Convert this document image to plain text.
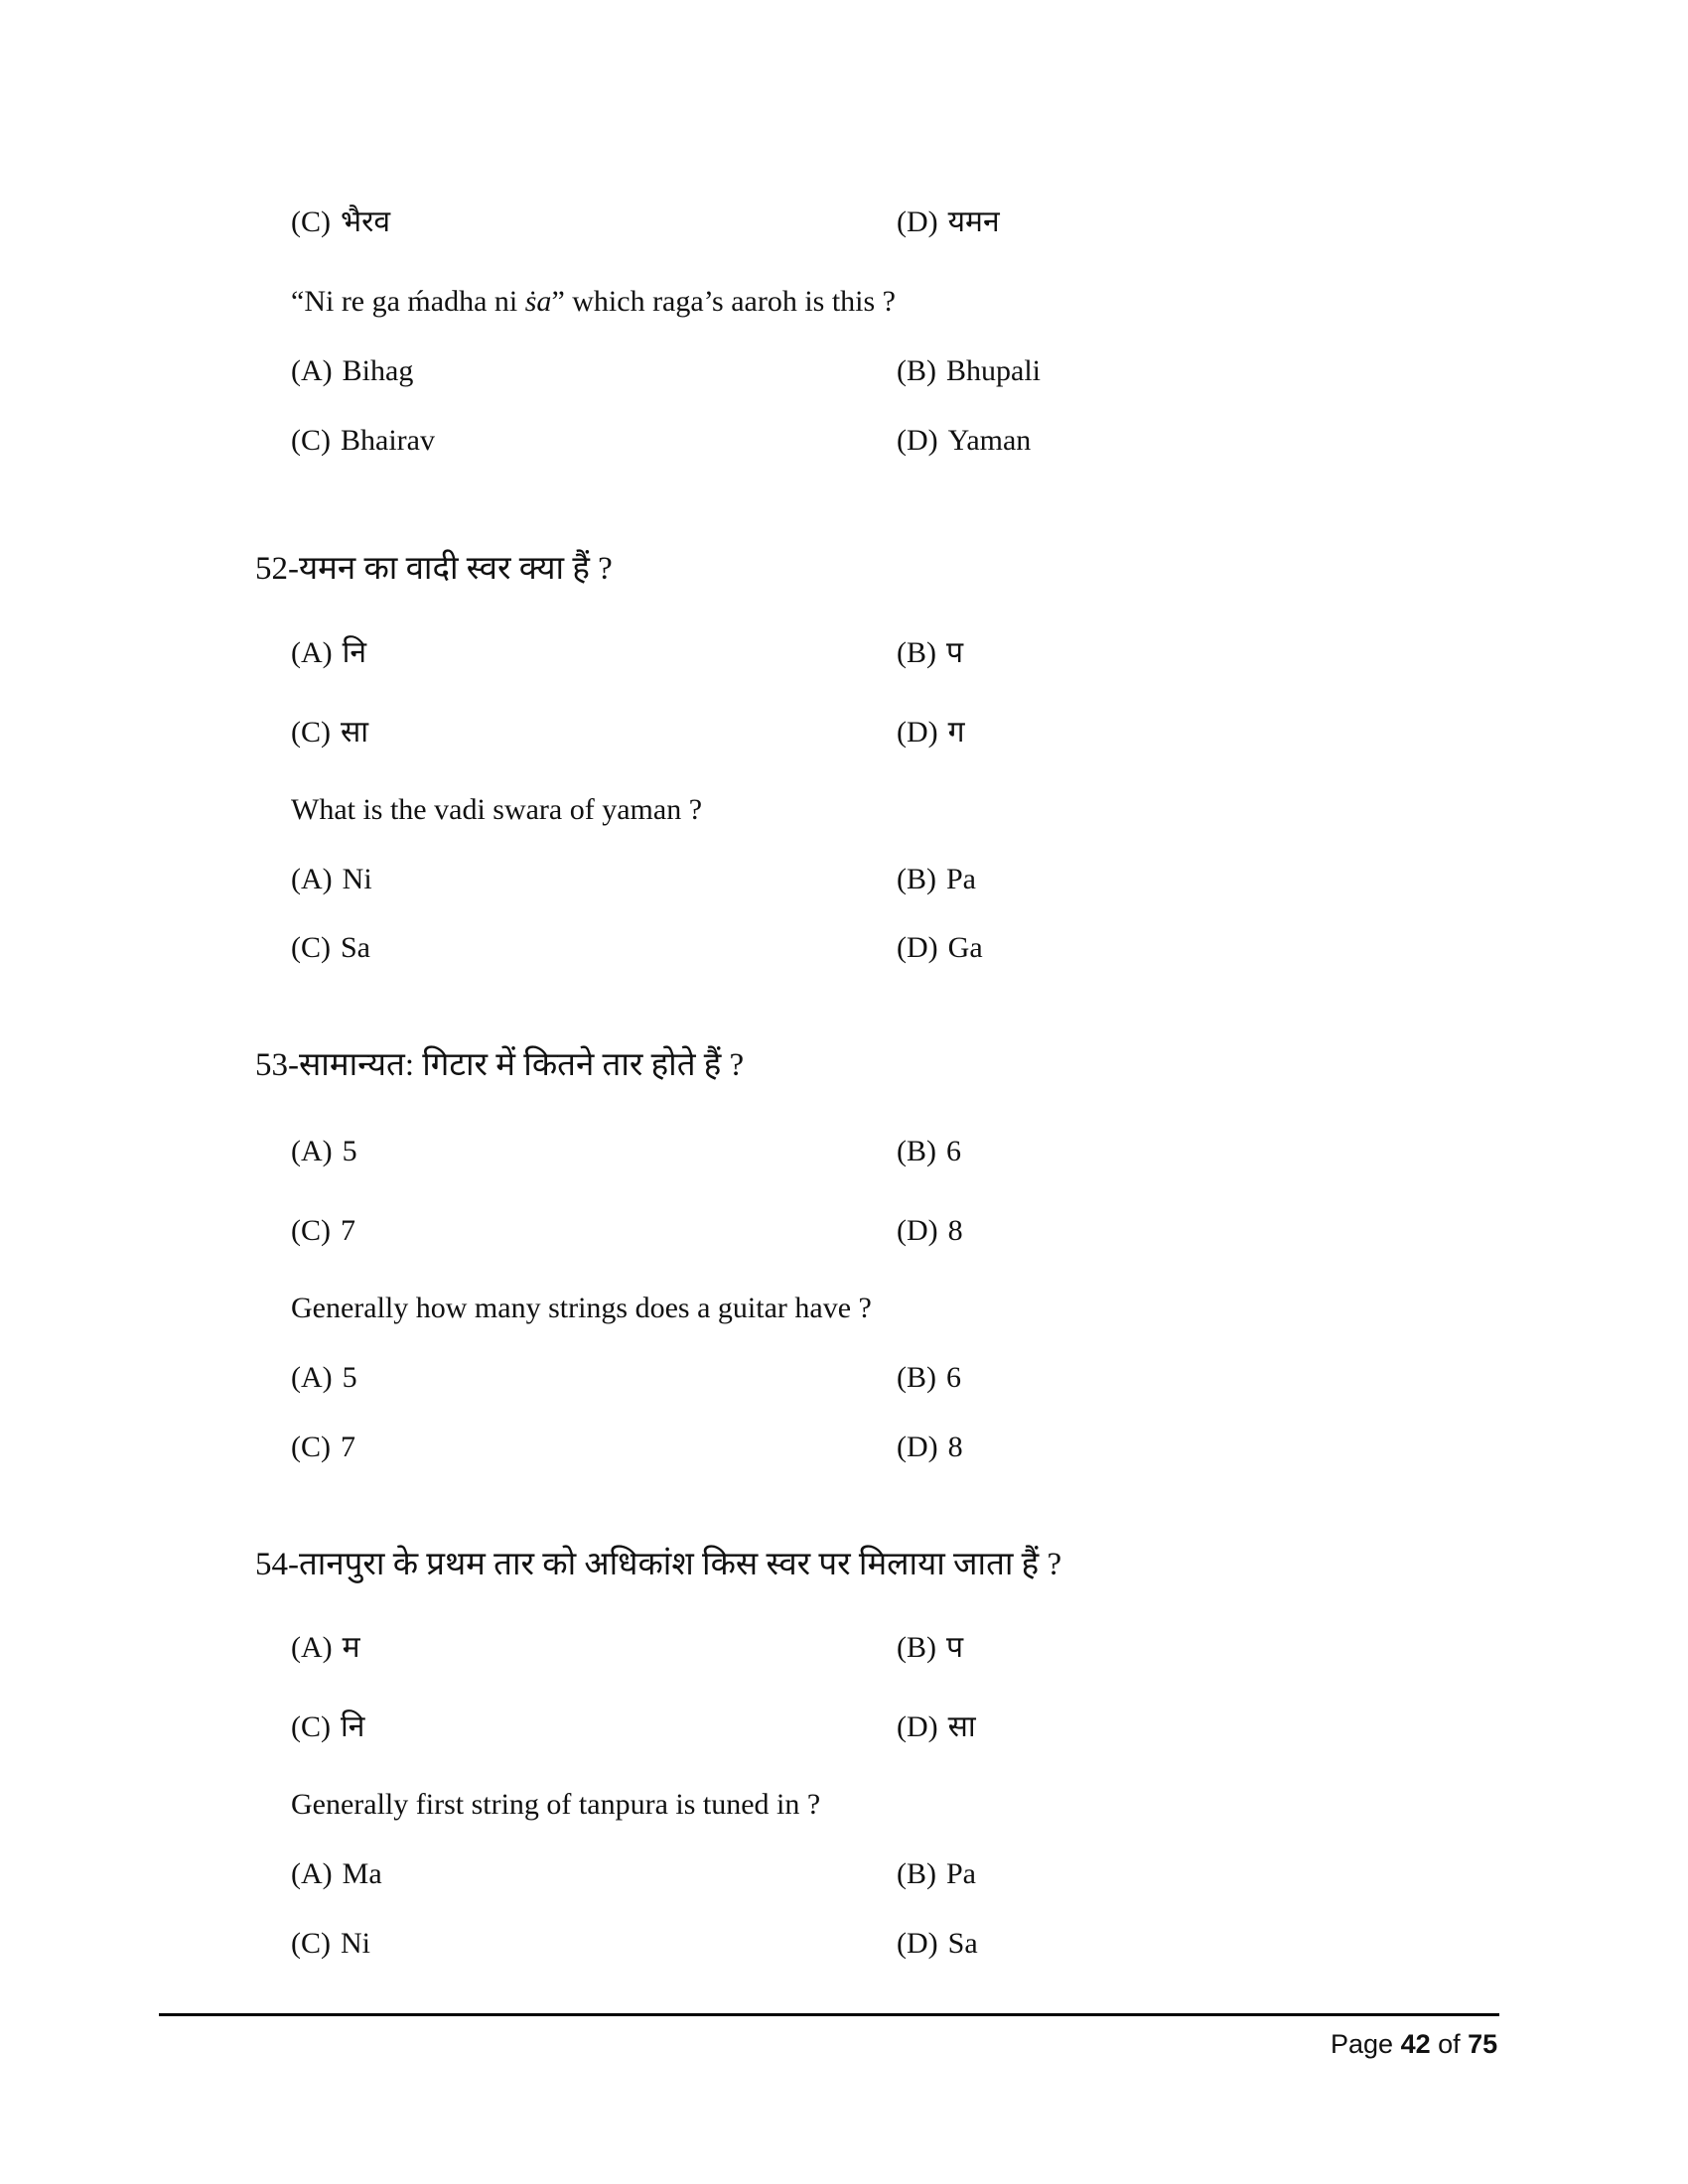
(C) भैरव	(D) यमन
“Ni re ga ḿadha ni ṡa” which raga’s aaroh is this ?
(A) Bihag	(B) Bhupali
(C) Bhairav	(D) Yaman
52-यमन का वादी स्वर क्या हैं ?
(A) नि	(B) प
(C) सा	(D) ग
What is the vadi swara of yaman ?
(A) Ni	(B) Pa
(C) Sa	(D) Ga
53-सामान्यत: गिटार में कितने तार होते हैं ?
(A) 5	(B) 6
(C) 7	(D) 8
Generally how many strings does a guitar have ?
(A) 5	(B) 6
(C) 7	(D) 8
54-तानपुरा के प्रथम तार को अधिकांश किस स्वर पर मिलाया जाता हैं ?
(A) म	(B) प
(C) नि	(D) सा
Generally first string of tanpura is tuned in ?
(A) Ma	(B) Pa
(C) Ni	(D) Sa
Page 42 of 75
